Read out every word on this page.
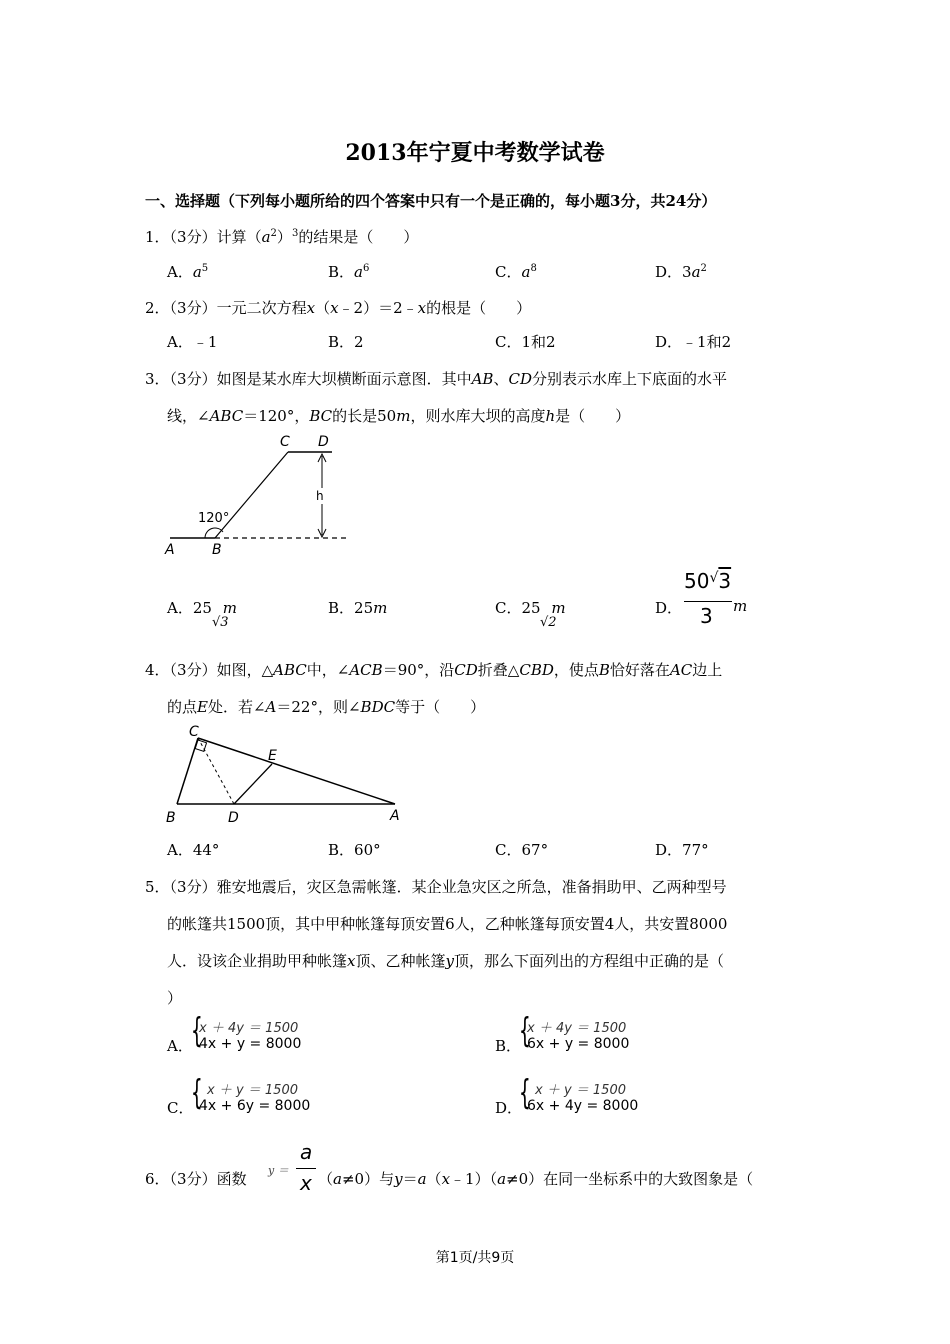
2013年宁夏中考数学试卷
一、选择题（下列每小题所给的四个答案中只有一个是正确的，每小题3分，共24分）
1．（3分）计算$(a^2)^3$的结果是（　　）
A．$a^5$	B．$a^6$	C．$a^8$	D．$3a^2$
2．（3分）一元二次方程x（x﹣2）＝2﹣x的根是（　　）
A．﹣1	B．2	C．1和2	D．﹣1和2
3．（3分）如图是某水库大坝横断面示意图．其中AB、CD分别表示水库上下底面的水平
线，∠ABC＝120°，BC的长是50m，则水库大坝的高度h是（　　）
C D
h
120°
A	B
A．25
√3
m	B．25m	C．25
√2
m	D．
50√3
3 m
4．（3分）如图，△ABC中，∠ACB＝90°，沿CD折叠△CBD，使点B恰好落在AC边上
的点E处．若∠A＝22°，则∠BDC等于（　　）
C
E
B	D	A
A．44°	B．60°	C．67°	D．77°
5．（3分）雅安地震后，灾区急需帐篷．某企业急灾区之所急，准备捐助甲、乙两种型号
的帐篷共1500顶，其中甲种帐篷每顶安置6人，乙种帐篷每顶安置4人，共安置8000
人．设该企业捐助甲种帐篷x顶、乙种帐篷y顶，那么下面列出的方程组中正确的是（
）
A．
{
x ＋ 4y ＝ 1500
4x + y = 8000	B．
{
x ＋ 4y ＝ 1500
6x + y = 8000
C．
{ x ＋ y ＝ 1500
4x + 6y = 8000	D．
{ x ＋ y ＝ 1500
6x + 4y = 8000
6．（3分）函数 y ＝
a
x （a≠0）与y＝a（x﹣1）（a≠0）在同一坐标系中的大致图象是（
第1页/共9页
